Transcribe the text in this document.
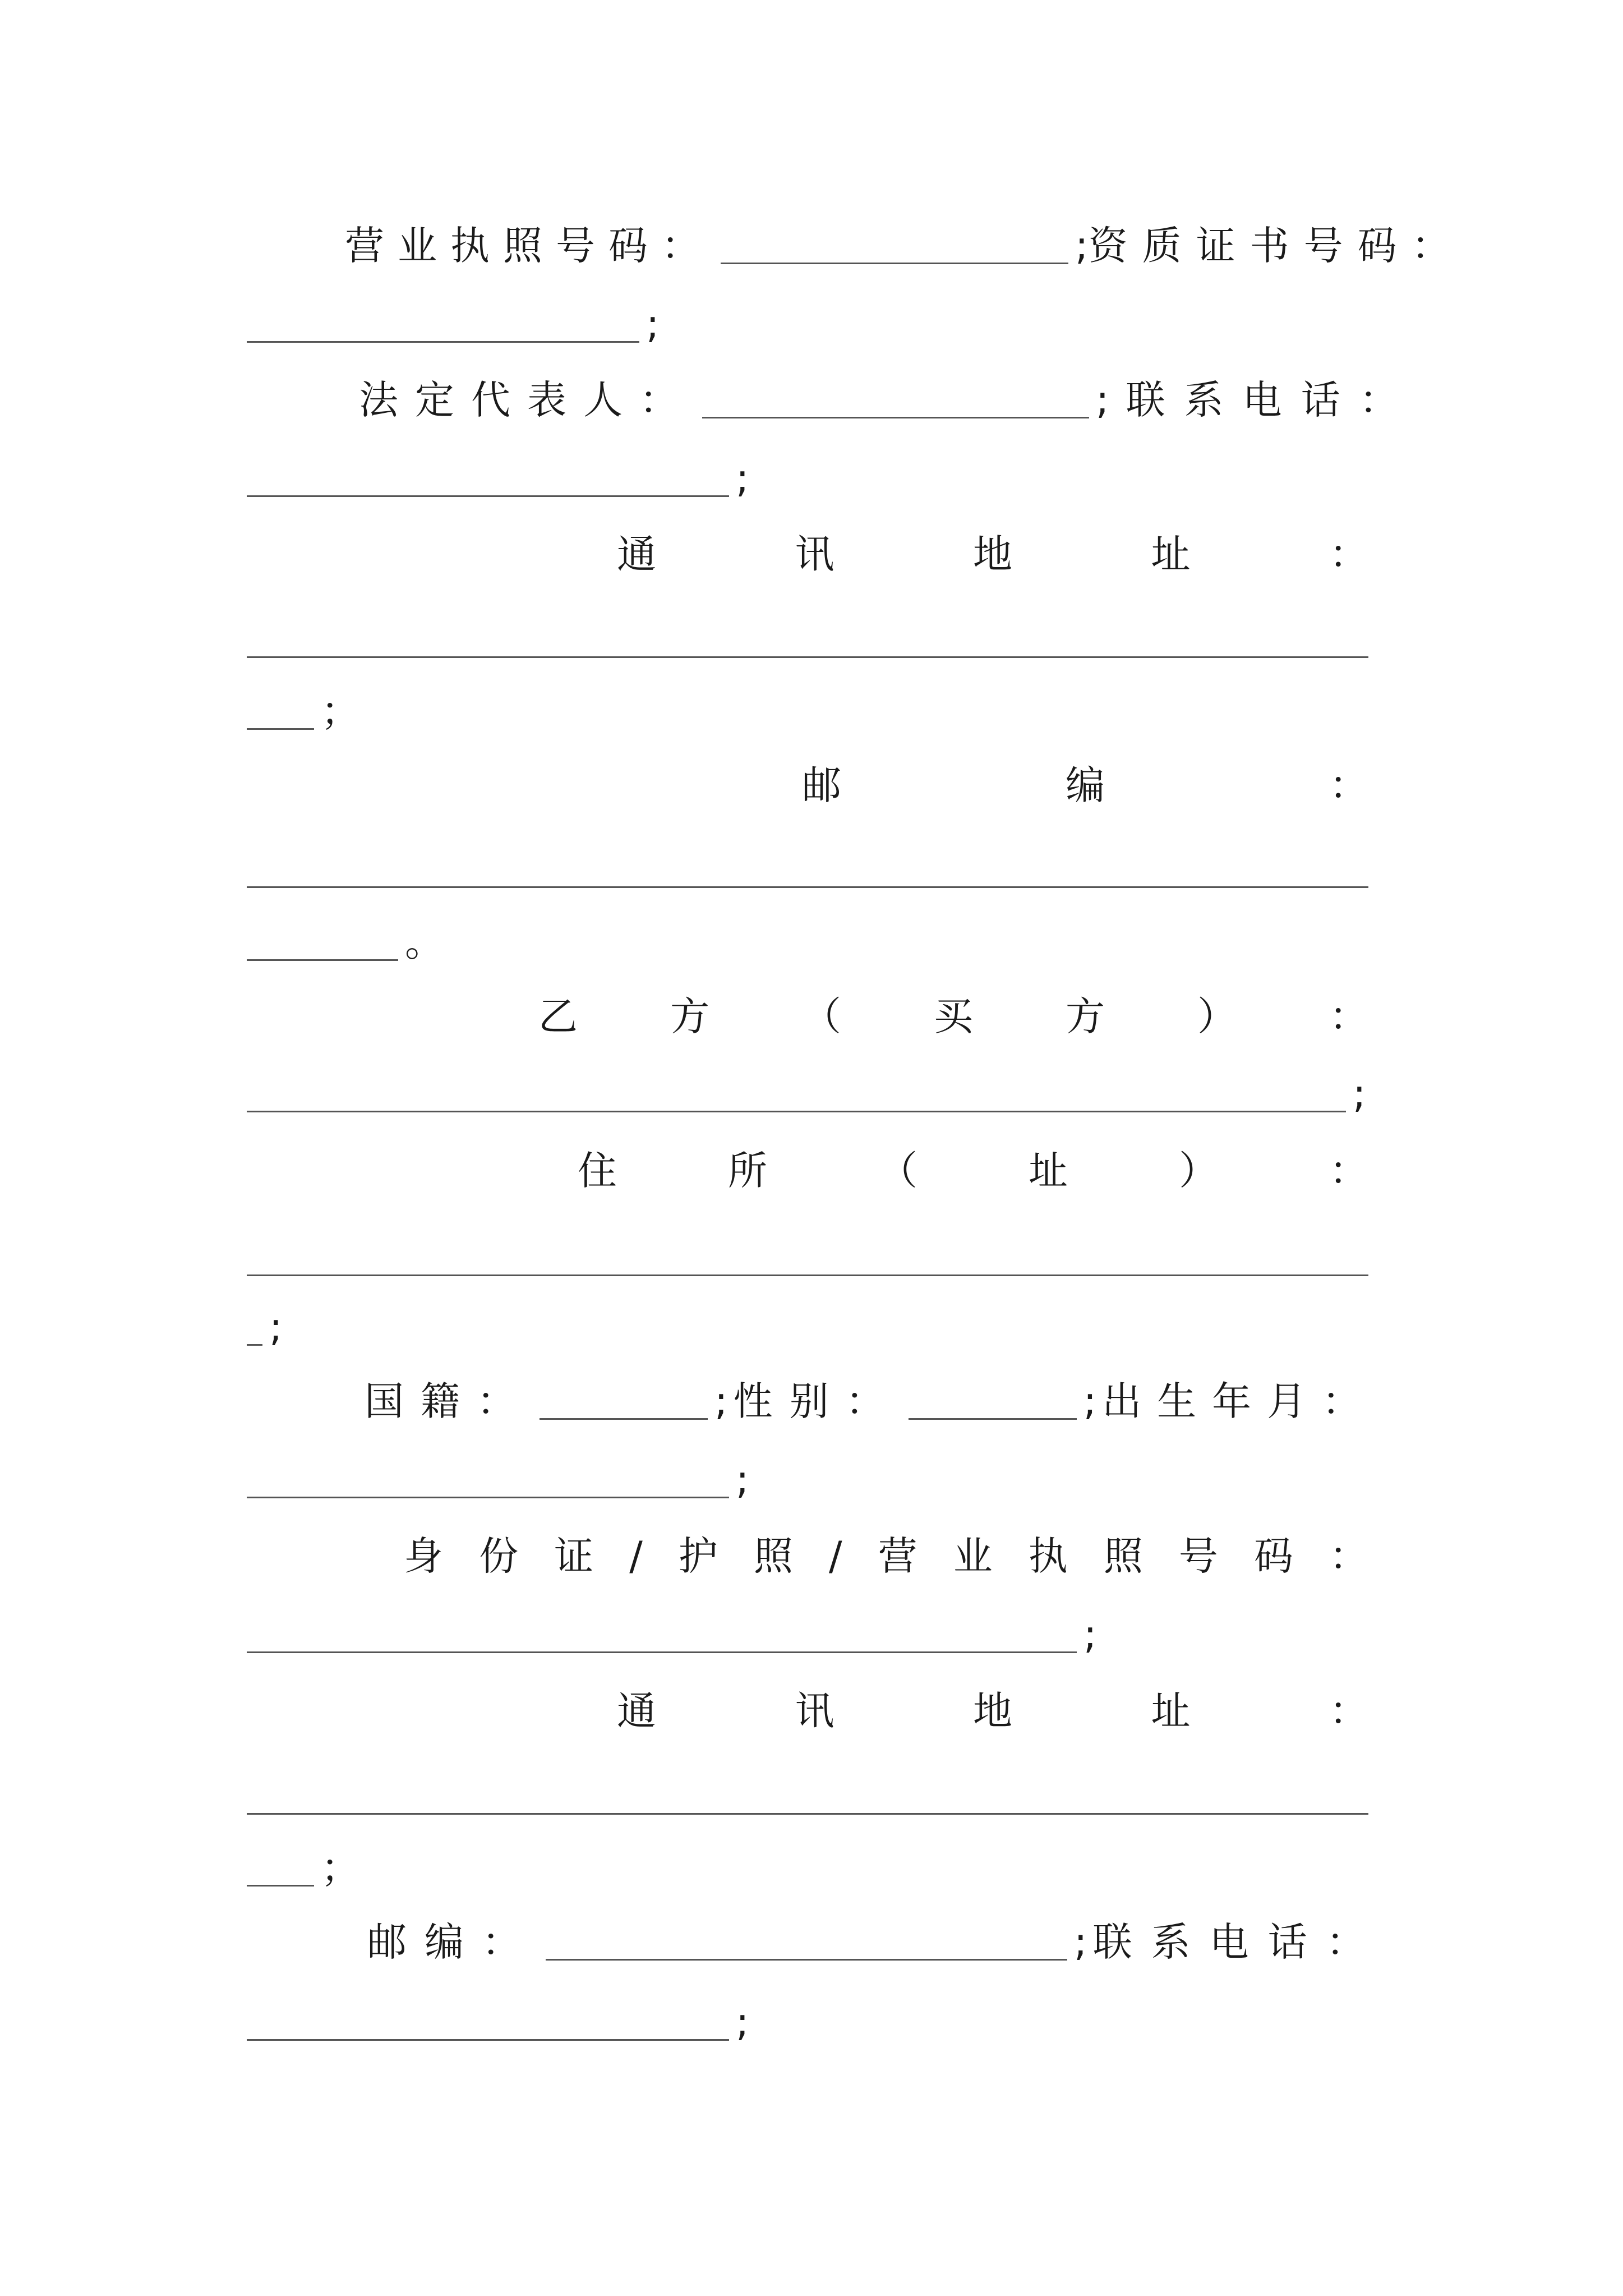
营业执照号码：	; 资质证书号码：
;
法定代表人：	; 联系电话：
;
通	讯	地	址	：
；
邮	编	：
。
乙 方 （ 买 方 ） ：
;
住	所	（	址	）	：
;
国籍：	; 性别：	; 出生年月：
;
身 份 证 / 护 照 / 营 业 执 照 号 码 ：
;
通	讯	地	址	：
；
邮编：	; 联系电话：
;
